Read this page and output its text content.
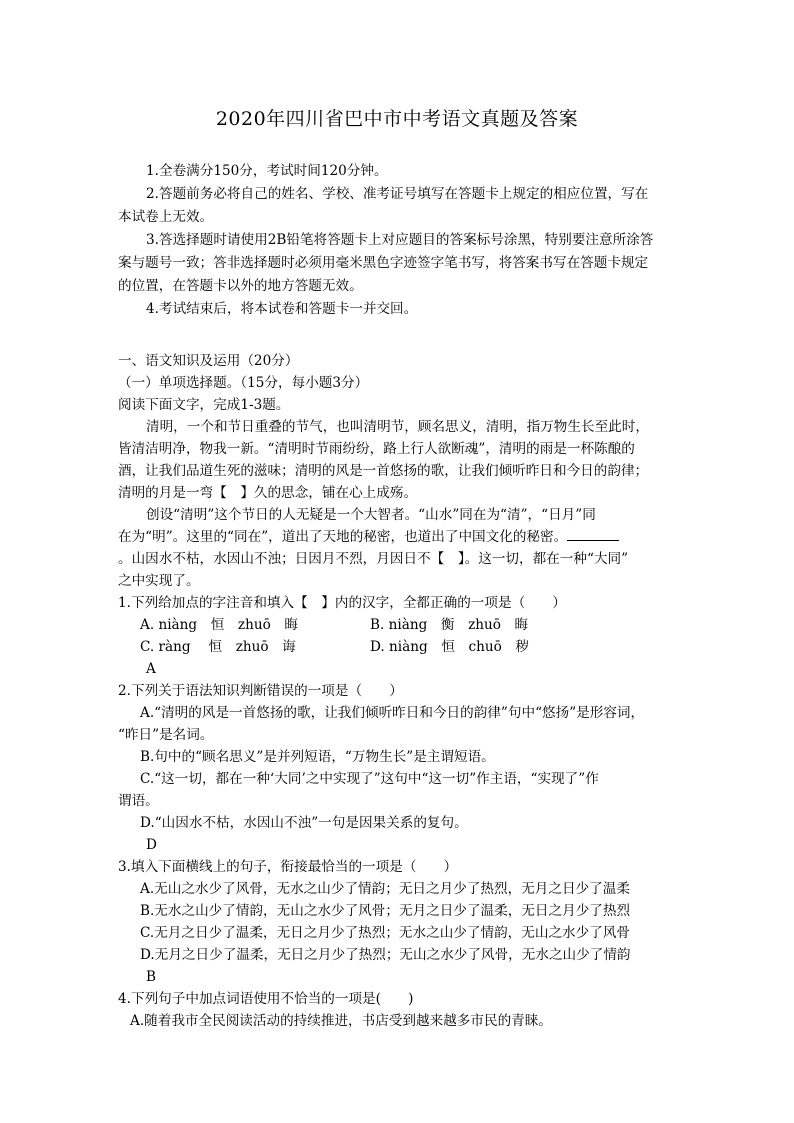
2020年四川省巴中市中考语文真题及答案
1.全卷满分150分，考试时间120分钟。
2.答题前务必将自己的姓名、学校、准考证号填写在答题卡上规定的相应位置，写在
本试卷上无效。
3.答选择题时请使用2B铅笔将答题卡上对应题目的答案标号涂黑，特别要注意所涂答
案与题号一致；答非选择题时必须用毫米黑色字迹签字笔书写，将答案书写在答题卡规定
的位置，在答题卡以外的地方答题无效。
4.考试结束后，将本试卷和答题卡一并交回。
一、语文知识及运用（20分）
（一）单项选择题。（15分，每小题3分）
阅读下面文字，完成1-3题。
清明，一个和节日重叠的节气，也叫清明节，顾名思义，清明，指万物生长至此时，
皆清洁明净，物我一新。“清明时节雨纷纷，路上行人欲断魂”，清明的雨是一杯陈酿的
酒，让我们品道生死的滋味；清明的风是一首悠扬的歌，让我们倾听昨日和今日的韵律；
清明的月是一弯【　】久的思念，铺在心上成殇。
创设“清明”这个节日的人无疑是一个大智者。“山水”同在为“清”，“日月”同
在为“明”。这里的“同在”，道出了天地的秘密，也道出了中国文化的秘密。
。山因水不枯，水因山不浊；日因月不烈，月因日不【　】。这一切，都在一种“大同”
之中实现了。
1.下列给加点的字注音和填入【　】内的汉字，全都正确的一项是（　　）
A. niàng　恒　zhuō　晦	B. niàng　衡　zhuō　晦
C. ràng　 恒　zhuō　诲	D. niàng　恒　chuō　秽
A
2.下列关于语法知识判断错误的一项是（　　）
A.“清明的风是一首悠扬的歌，让我们倾听昨日和今日的韵律”句中“悠扬”是形容词，
“昨日”是名词。
B.句中的“顾名思义”是并列短语，“万物生长”是主谓短语。
C.“这一切，都在一种‘大同’之中实现了”这句中“这一切”作主语，“实现了”作
谓语。
D.“山因水不枯，水因山不浊”一句是因果关系的复句。
D
3.填入下面横线上的句子，衔接最恰当的一项是（　　）
A.无山之水少了风骨，无水之山少了情韵；无日之月少了热烈，无月之日少了温柔
B.无水之山少了情韵，无山之水少了风骨；无月之日少了温柔，无日之月少了热烈
C.无月之日少了温柔，无日之月少了热烈；无水之山少了情韵，无山之水少了风骨
D.无月之日少了温柔，无日之月少了热烈；无山之水少了风骨，无水之山少了情韵
B
4.下列句子中加点词语使用不恰当的一项是(　　)
A.随着我市全民阅读活动的持续推进，书店受到越来越多市民的青睐。
